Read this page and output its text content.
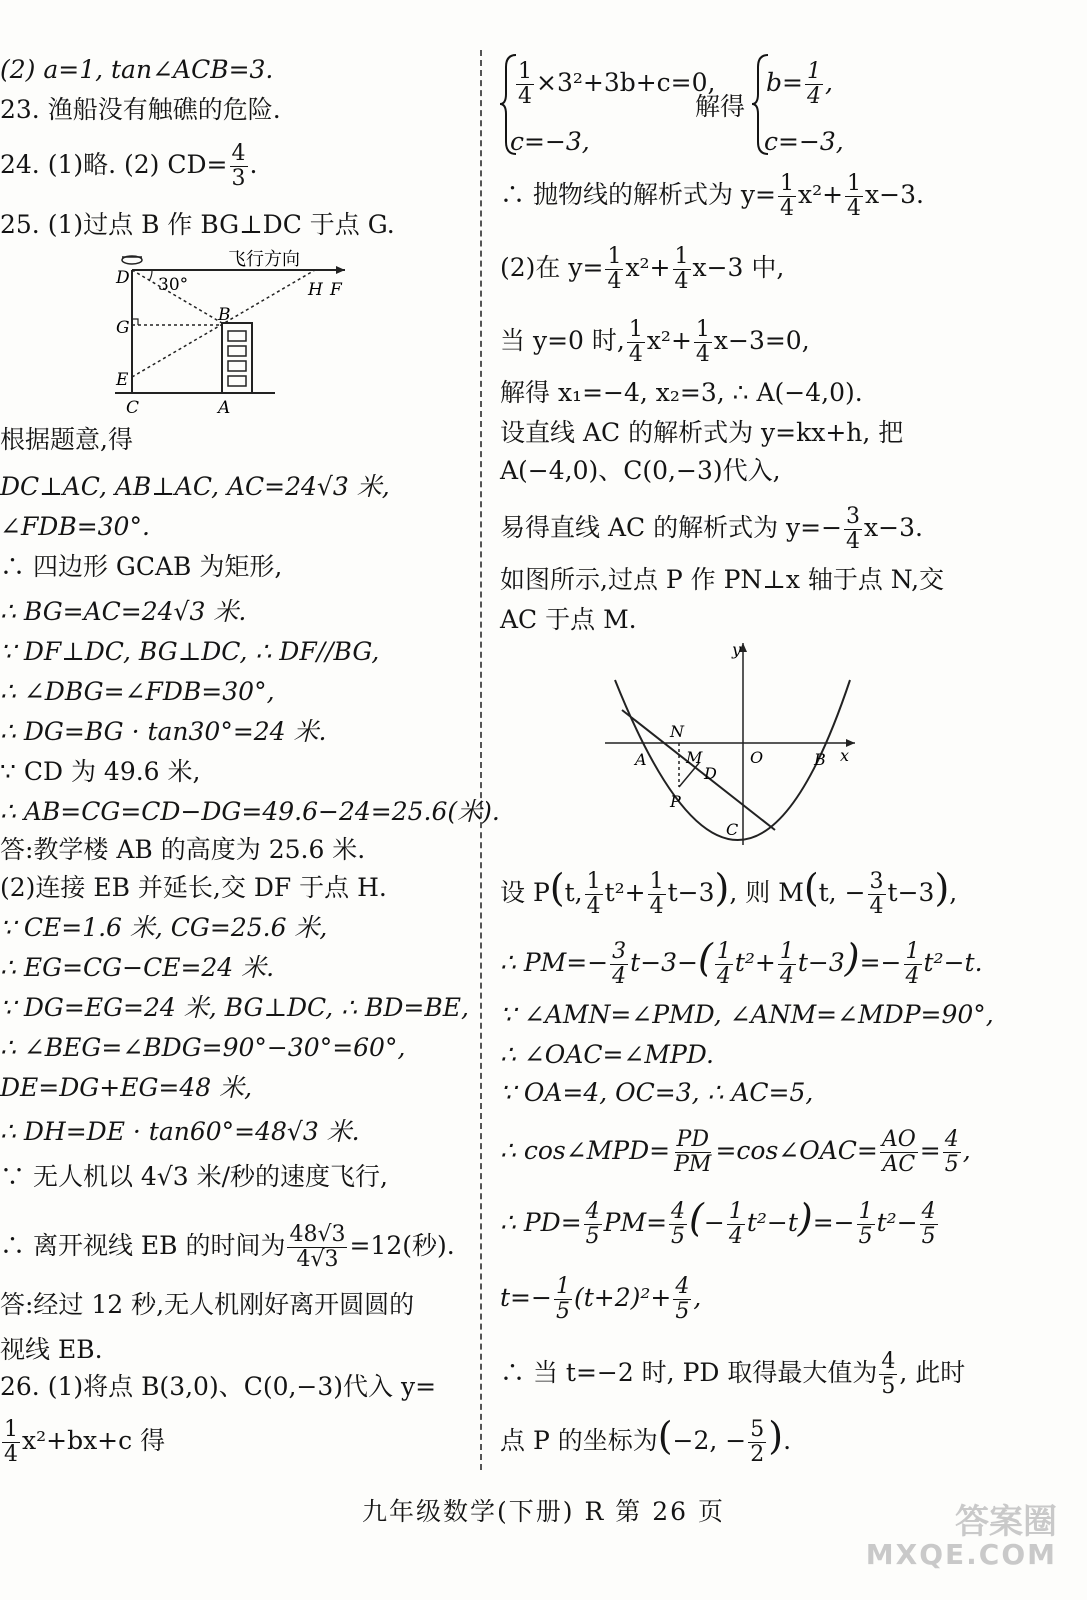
(2) a=1, tan∠ACB=3.
23. 渔船没有触礁的危险.
24. (1)略. (2) $CD= \frac{4}{3}$ .
25. (1)过点 B 作 BG⊥DC 于点 G.
飞行方向
30°
D
H F
B
G
E
C	A
根据题意,得
DC⊥AC, AB⊥AC, AC=24√3 米,
∠FDB=30°.
∴ 四边形 GCAB 为矩形,
∴ BG=AC=24√3 米.
∵ DF⊥DC, BG⊥DC, ∴ DF//BG,
∴ ∠DBG=∠FDB=30°,
∴ DG=BG · tan30°=24 米.
∵ CD 为 49.6 米,
∴ AB=CG=CD−DG=49.6−24=25.6(米).
答:教学楼 AB 的高度为 25.6 米.
(2)连接 EB 并延长,交 DF 于点 H.
∵ CE=1.6 米, CG=25.6 米,
∴ EG=CG−CE=24 米.
∵ DG=EG=24 米, BG⊥DC, ∴ BD=BE,
∴ ∠BEG=∠BDG=90°−30°=60°,
DE=DG+EG=48 米,
∴ DH=DE · tan60°=48√3 米.
∵ 无人机以 4√3 米/秒的速度飞行,
∴ 离开视线 EB 的时间为 $\frac{48√3}{4√3} =12$(秒).
答:经过 12 秒,无人机刚好离开圆圆的
视线 EB.
26. (1)将点 B(3,0)、C(0,−3)代入 y=
$\frac{1}{4} x^2+bx+c$ 得
$\frac{1}{4} \times 3^2+3b+c=0$,
c=−3,
解得
$b= \frac{1}{4}$ ,
c=−3,
∴ 抛物线的解析式为 $y= \frac{1}{4} x^2+ \frac{1}{4} x-3$.
(2)在 $y= \frac{1}{4} x^2+ \frac{1}{4} x-3$ 中,
当 y=0 时, $\frac{1}{4} x^2+ \frac{1}{4} x-3=0$,
解得 x₁=−4, x₂=3, ∴ A(−4,0).
设直线 AC 的解析式为 y=kx+h, 把
A(−4,0)、C(0,−3)代入,
易得直线 AC 的解析式为 $y=- \frac{3}{4} x-3$.
如图所示,过点 P 作 PN⊥x 轴于点 N,交
AC 于点 M.
y
x
N
A M	O	B
D
P
C
设 P(t, $\frac{1}{4} t^2+ \frac{1}{4} t-3$), 则 M(t, − $\frac{3}{4} t-3$),
∴ $PM=- \frac{3}{4} t-3-( \frac{1}{4} t^2+ \frac{1}{4} t-3)=- \frac{1}{4} t^2-t$.
∵ ∠AMN=∠PMD, ∠ANM=∠MDP=90°,
∴ ∠OAC=∠MPD.
∵ OA=4, OC=3, ∴ AC=5,
∴ cos∠MPD= $\frac{PD}{PM}$ =cos∠OAC= $\frac{AO}{AC} = \frac{4}{5}$ ,
∴ $PD= \frac{4}{5} PM= \frac{4}{5}$ (− $\frac{1}{4} t^2-t)=- \frac{1}{5} t^2- \frac{4}{5}$
$t=- \frac{1}{5} (t+2)^2+ \frac{4}{5}$ ,
∴ 当 t=−2 时, PD 取得最大值为 $\frac{4}{5}$ , 此时
点 P 的坐标为(−2, − $\frac{5}{2}$ ).
九年级数学(下册) R 第 26 页	答案圈
MXQE.COM
